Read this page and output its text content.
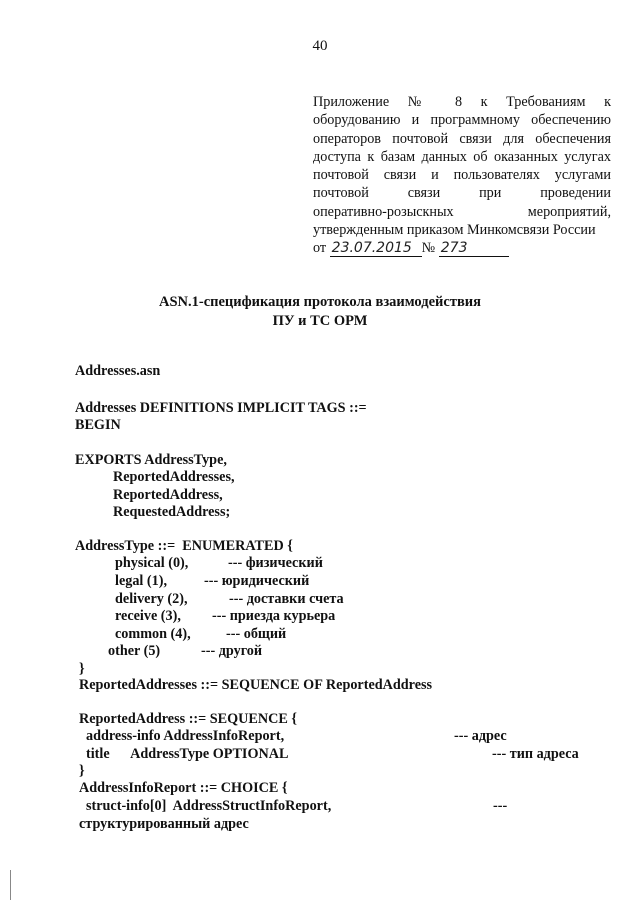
40
Приложение № 8 к Требованиям к
оборудованию и программному обеспечению
операторов почтовой связи для обеспечения
доступа к базам данных об оказанных услугах
почтовой связи и пользователях услугами
почтовой связи при проведении
оперативно-розыскных мероприятий,
утвержденным приказом Минкомсвязи России
от 23.07.2015 № 273
ASN.1-спецификация протокола взаимодействия
ПУ и ТС ОРМ
Addresses.asn
Addresses DEFINITIONS IMPLICIT TAGS ::=
BEGIN
EXPORTS AddressType,
ReportedAddresses,
ReportedAddress,
RequestedAddress;
AddressType ::=  ENUMERATED {
physical (0),	--- физический
legal (1),	--- юридический
delivery (2),	--- доставки счета
receive (3), --- приезда курьера
common (4), --- общий
other (5)	--- другой
}
ReportedAddresses ::= SEQUENCE OF ReportedAddress
ReportedAddress ::= SEQUENCE {
address-info AddressInfoReport,	--- адрес
title      AddressType OPTIONAL	--- тип адреса
}
AddressInfoReport ::= CHOICE {
struct-info[0]  AddressStructInfoReport,	---
структурированный адрес
